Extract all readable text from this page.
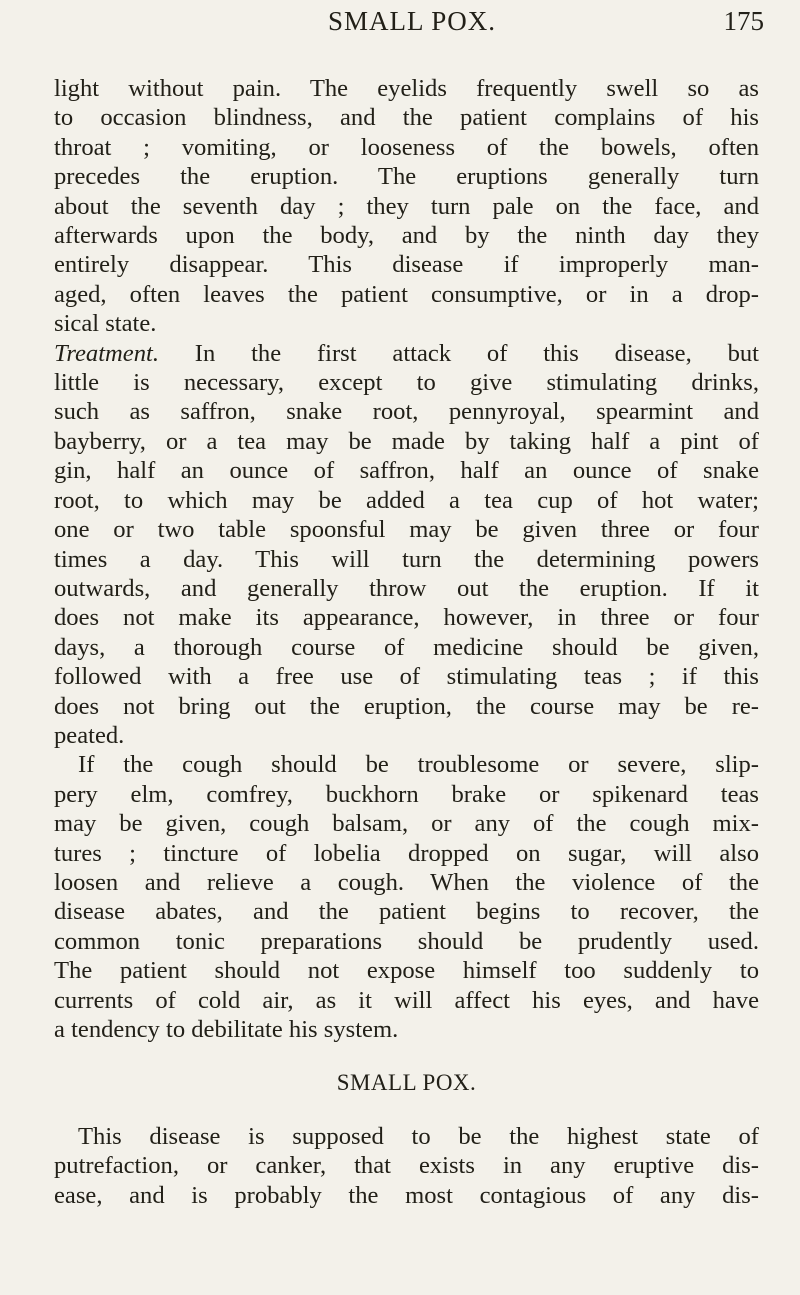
SMALL POX.	175
light without pain. The eyelids frequently swell so as
to occasion blindness, and the patient complains of his
throat ; vomiting, or looseness of the bowels, often
precedes the eruption. The eruptions generally turn
about the seventh day ; they turn pale on the face, and
afterwards upon the body, and by the ninth day they
entirely disappear. This disease if improperly man-
aged, often leaves the patient consumptive, or in a drop-
sical state.
Treatment. In the first attack of this disease, but
little is necessary, except to give stimulating drinks,
such as saffron, snake root, pennyroyal, spearmint and
bayberry, or a tea may be made by taking half a pint of
gin, half an ounce of saffron, half an ounce of snake
root, to which may be added a tea cup of hot water;
one or two table spoonsful may be given three or four
times a day. This will turn the determining powers
outwards, and generally throw out the eruption. If it
does not make its appearance, however, in three or four
days, a thorough course of medicine should be given,
followed with a free use of stimulating teas ; if this
does not bring out the eruption, the course may be re-
peated.
If the cough should be troublesome or severe, slip-
pery elm, comfrey, buckhorn brake or spikenard teas
may be given, cough balsam, or any of the cough mix-
tures ; tincture of lobelia dropped on sugar, will also
loosen and relieve a cough. When the violence of the
disease abates, and the patient begins to recover, the
common tonic preparations should be prudently used.
The patient should not expose himself too suddenly to
currents of cold air, as it will affect his eyes, and have
a tendency to debilitate his system.
SMALL POX.
This disease is supposed to be the highest state of
putrefaction, or canker, that exists in any eruptive dis-
ease, and is probably the most contagious of any dis-
